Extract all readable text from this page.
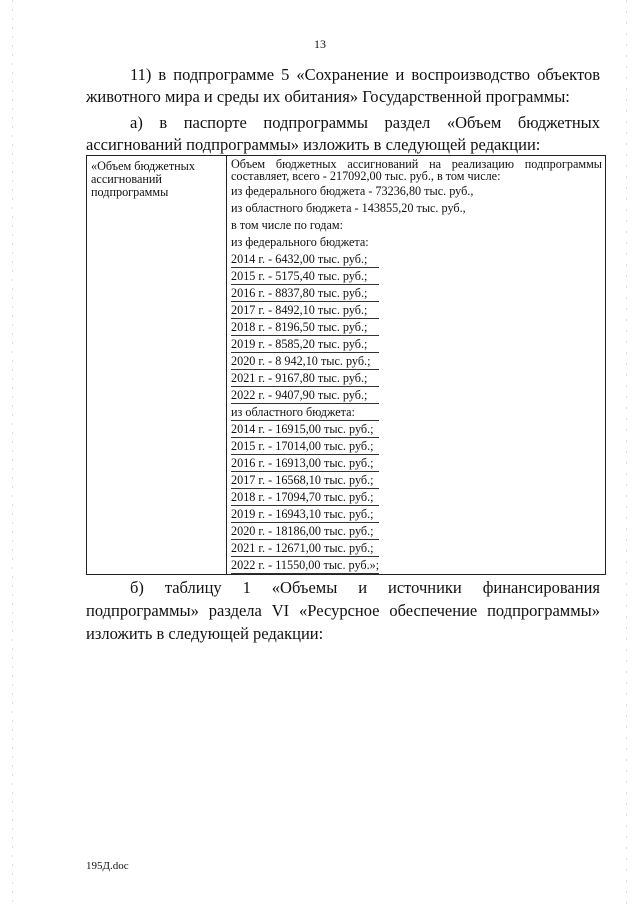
13
11) в подпрограмме 5 «Сохранение и воспроизводство объектов
животного мира и среды их обитания» Государственной программы:
а) в паспорте подпрограммы раздел «Объем бюджетных
ассигнований подпрограммы» изложить в следующей редакции:
«Объем бюджетных ассигнований подпрограммы	
Объем бюджетных ассигнований на реализацию подпрограммы составляет, всего - 217092,00 тыс. руб., в том числе:
из федерального бюджета - 73236,80 тыс. руб.,
из областного бюджета - 143855,20 тыс. руб.,
в том числе по годам:
из федерального бюджета:
2014 г. - 6432,00 тыс. руб.;
2015 г. - 5175,40 тыс. руб.;
2016 г. - 8837,80 тыс. руб.;
2017 г. - 8492,10 тыс. руб.;
2018 г. - 8196,50 тыс. руб.;
2019 г. - 8585,20 тыс. руб.;
2020 г. - 8 942,10 тыс. руб.;
2021 г. - 9167,80 тыс. руб.;
2022 г. - 9407,90 тыс. руб.;
из областного бюджета:
2014 г. - 16915,00 тыс. руб.;
2015 г. - 17014,00 тыс. руб.;
2016 г. - 16913,00 тыс. руб.;
2017 г. - 16568,10 тыс. руб.;
2018 г. - 17094,70 тыс. руб.;
2019 г. - 16943,10 тыс. руб.;
2020 г. - 18186,00 тыс. руб.;
2021 г. - 12671,00 тыс. руб.;
2022 г. - 11550,00 тыс. руб.»;
б) таблицу 1 «Объемы и источники финансирования
подпрограммы» раздела VI «Ресурсное обеспечение подпрограммы»
изложить в следующей редакции:
195Д.doc
